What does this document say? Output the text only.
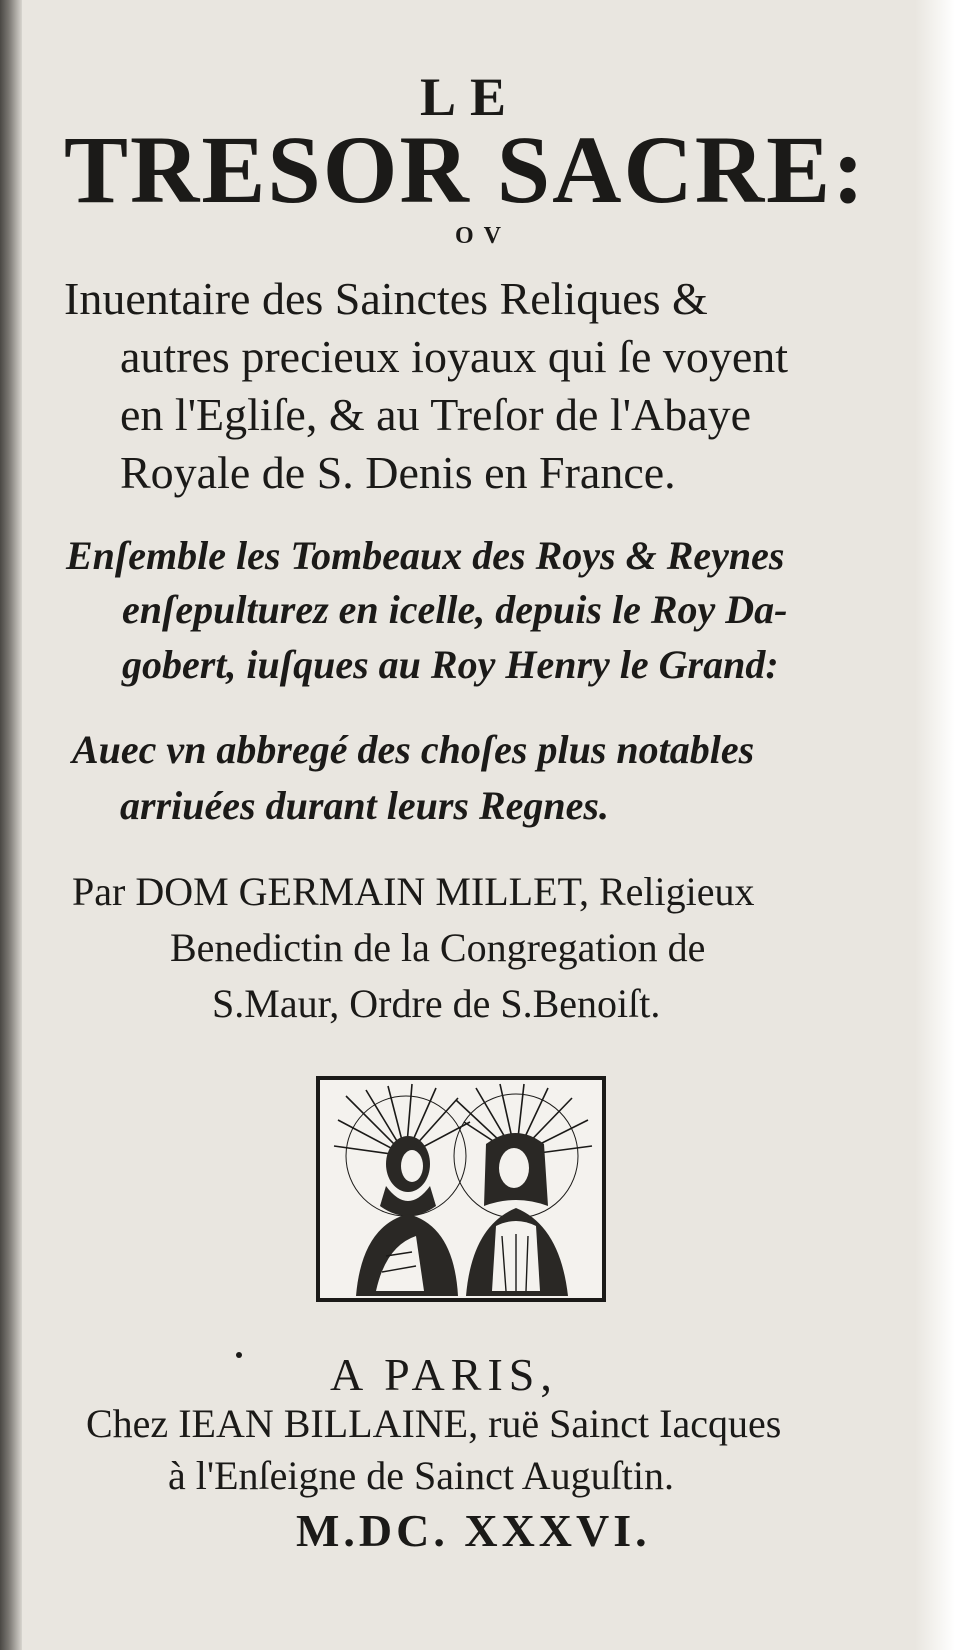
LE
TRESOR SACRE:
OV
Inuentaire des Sainctes Reliques &
autres precieux ioyaux qui ſe voyent
en l'Egliſe, & au Treſor de l'Abaye
Royale de S. Denis en France.
Enſemble les Tombeaux des Roys & Reynes
enſepulturez en icelle, depuis le Roy Da-
gobert, iuſques au Roy Henry le Grand:
Auec vn abbregé des choſes plus notables
arriuées durant leurs Regnes.
Par DOM GERMAIN MILLET, Religieux
Benedictin de la Congregation de
S.Maur, Ordre de S.Benoiſt.
A PARIS,
Chez IEAN BILLAINE, ruë Sainct Iacques
à l'Enſeigne de Sainct Auguſtin.
M.DC. XXXVI.
